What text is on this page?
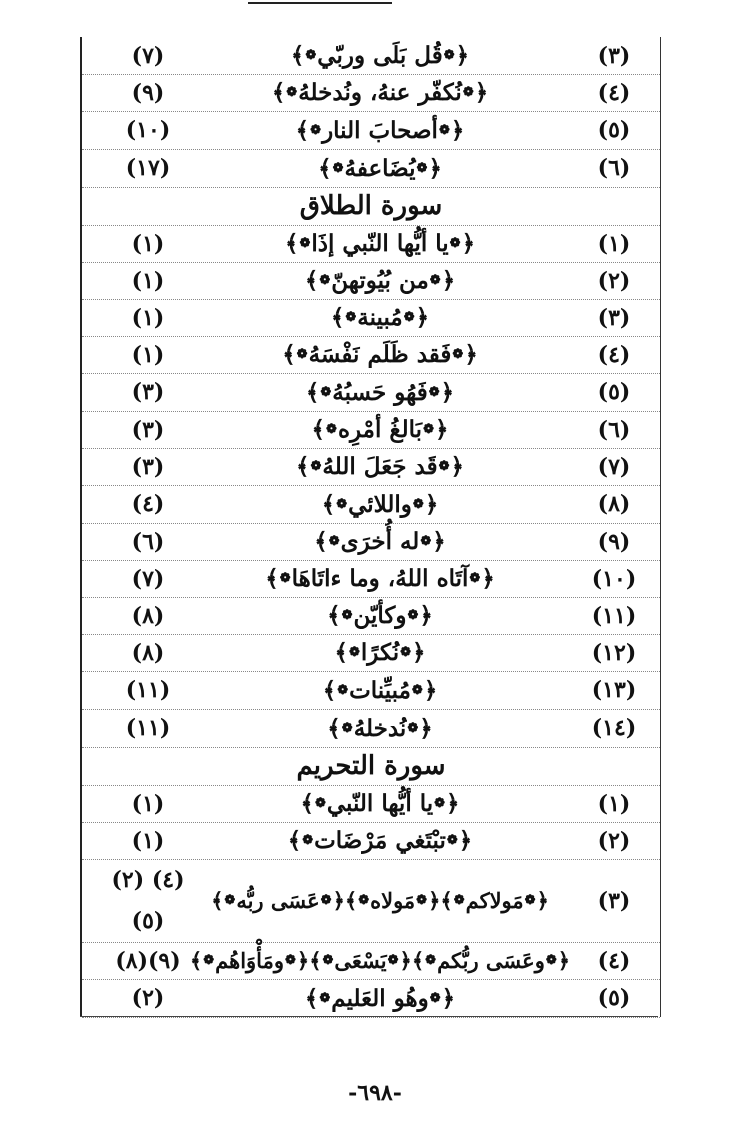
(٧)	﴿
❁
قُل بَلَى وربّي
❁
﴾	(٣)
(٩)	﴿
❁
نُكفّر عنهُ، ونُدخلهُ
❁
﴾	(٤)
(١٠)	﴿
❁
أصحابَ النار
❁
﴾	(٥)
(١٧)	﴿
❁
يُضَاعفهُ
❁
﴾	(٦)
سورة الطلاق
(١)	﴿
❁
يا أيُّها النّبي إذَا
❁
﴾	(١)
(١)	﴿
❁
من بُيُوتهنّ
❁
﴾	(٢)
(١)	﴿
❁
مُبينة
❁
﴾	(٣)
(١)	﴿
❁
فَقد ظَلَم نَفْسَهُ
❁
﴾	(٤)
(٣)	﴿
❁
فَهُو حَسبُهُ
❁
﴾	(٥)
(٣)	﴿
❁
بَالغُ أمْرِه
❁
﴾	(٦)
(٣)	﴿
❁
قَد جَعَلَ اللهُ
❁
﴾	(٧)
(٤)	﴿
❁
واللائي
❁
﴾	(٨)
(٦)	﴿
❁
له أُخرَى
❁
﴾	(٩)
(٧)	﴿
❁
آتَاه اللهُ، وما ءاتَاهَا
❁
﴾	(١٠)
(٨)	﴿
❁
وكأيّن
❁
﴾	(١١)
(٨)	﴿
❁
نُكرًا
❁
﴾	(١٢)
(١١)	﴿
❁
مُبيِّنات
❁
﴾	(١٣)
(١١)	﴿
❁
نُدخلهُ
❁
﴾	(١٤)
سورة التحريم
(١)	﴿
❁
يا أيُّها النّبي
❁
﴾	(١)
(١)	﴿
❁
تبْتَغي مَرْضَات
❁
﴾	(٢)
(٢) (٤)
(٥)
﴿
❁
مَولاكم
❁
﴾
﴿
❁
مَولاه
❁
﴾
﴿
❁
عَسَى ربُّه
❁
﴾	(٣)
(٨)(٩)	﴿
❁
وعَسَى ربُّكم
❁
﴾
﴿
❁
يَسْعَى
❁
﴾
﴿
❁
ومَأْوَاهُم
❁
﴾	(٤)
(٢)	﴿
❁
وهُو العَليم
❁
﴾	(٥)
-٦٩٨-
